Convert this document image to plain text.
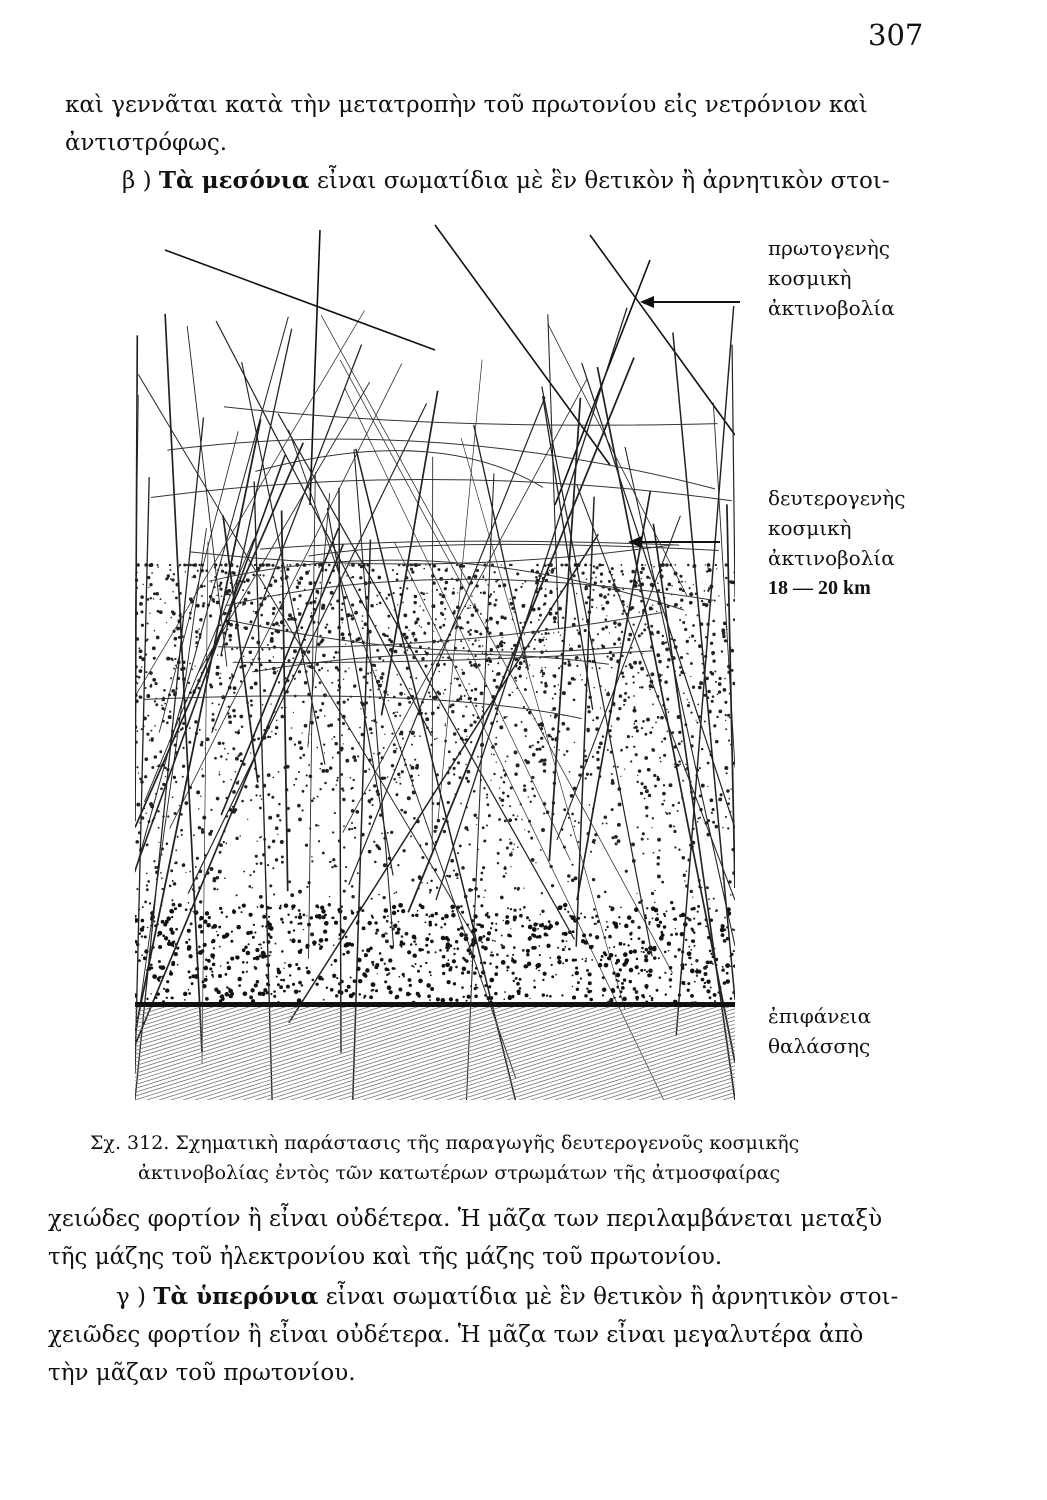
307

καὶ γεννᾶται κατὰ τὴν μετατροπὴν τοῦ πρωτονίου εἰς νετρόνιον καὶ
ἀντιστρόφως.

β ) Τὰ μεσόνια εἶναι σωματίδια μὲ ἓν θετικὸν ἢ ἀρνητικὸν στοι-

πρωτογενὴς
κοσμικὴ
ἀκτινοβολία
δευτερογενὴς
κοσμικὴ
ἀκτινοβολία
18 — 20 km
ἐπιφάνεια
θαλάσσης
Σχ. 312. Σχηματικὴ παράστασις τῆς παραγωγῆς δευτερογενοῦς κοσμικῆς
ἀκτινοβολίας ἐντὸς τῶν κατωτέρων στρωμάτων τῆς ἀτμοσφαίρας

χειώδες φορτίον ἢ εἶναι οὐδέτερα. Ἡ μᾶζα των περιλαμβάνεται μεταξὺ
τῆς μάζης τοῦ ἠλεκτρονίου καὶ τῆς μάζης τοῦ πρωτονίου.

γ ) Τὰ ὑπερόνια εἶναι σωματίδια μὲ ἓν θετικὸν ἢ ἀρνητικὸν στοι-
χειῶδες φορτίον ἢ εἶναι οὐδέτερα. Ἡ μᾶζα των εἶναι μεγαλυτέρα ἀπὸ
τὴν μᾶζαν τοῦ πρωτονίου.
